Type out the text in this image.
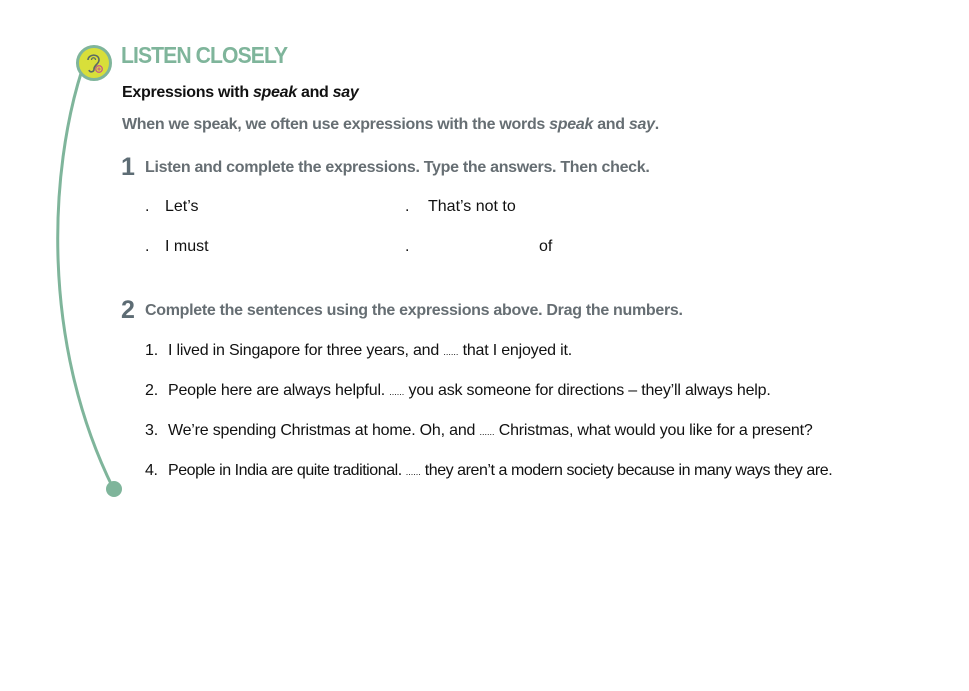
LISTEN CLOSELY

Expressions with speak and say

When we speak, we often use expressions with the words speak and say.

1 Listen and complete the expressions. Type the answers. Then check.
. Let’s	.	That’s not to
. I must	.	of
2 Complete the sentences using the expressions above. Drag the numbers.
1. I lived in Singapore for three years, and ...... that I enjoyed it.
2. People here are always helpful. ...... you ask someone for directions – they’ll always help.
3. We’re spending Christmas at home. Oh, and ...... Christmas, what would you like for a present?
4. People in India are quite traditional. ...... they aren’t a modern society because in many ways they are.
